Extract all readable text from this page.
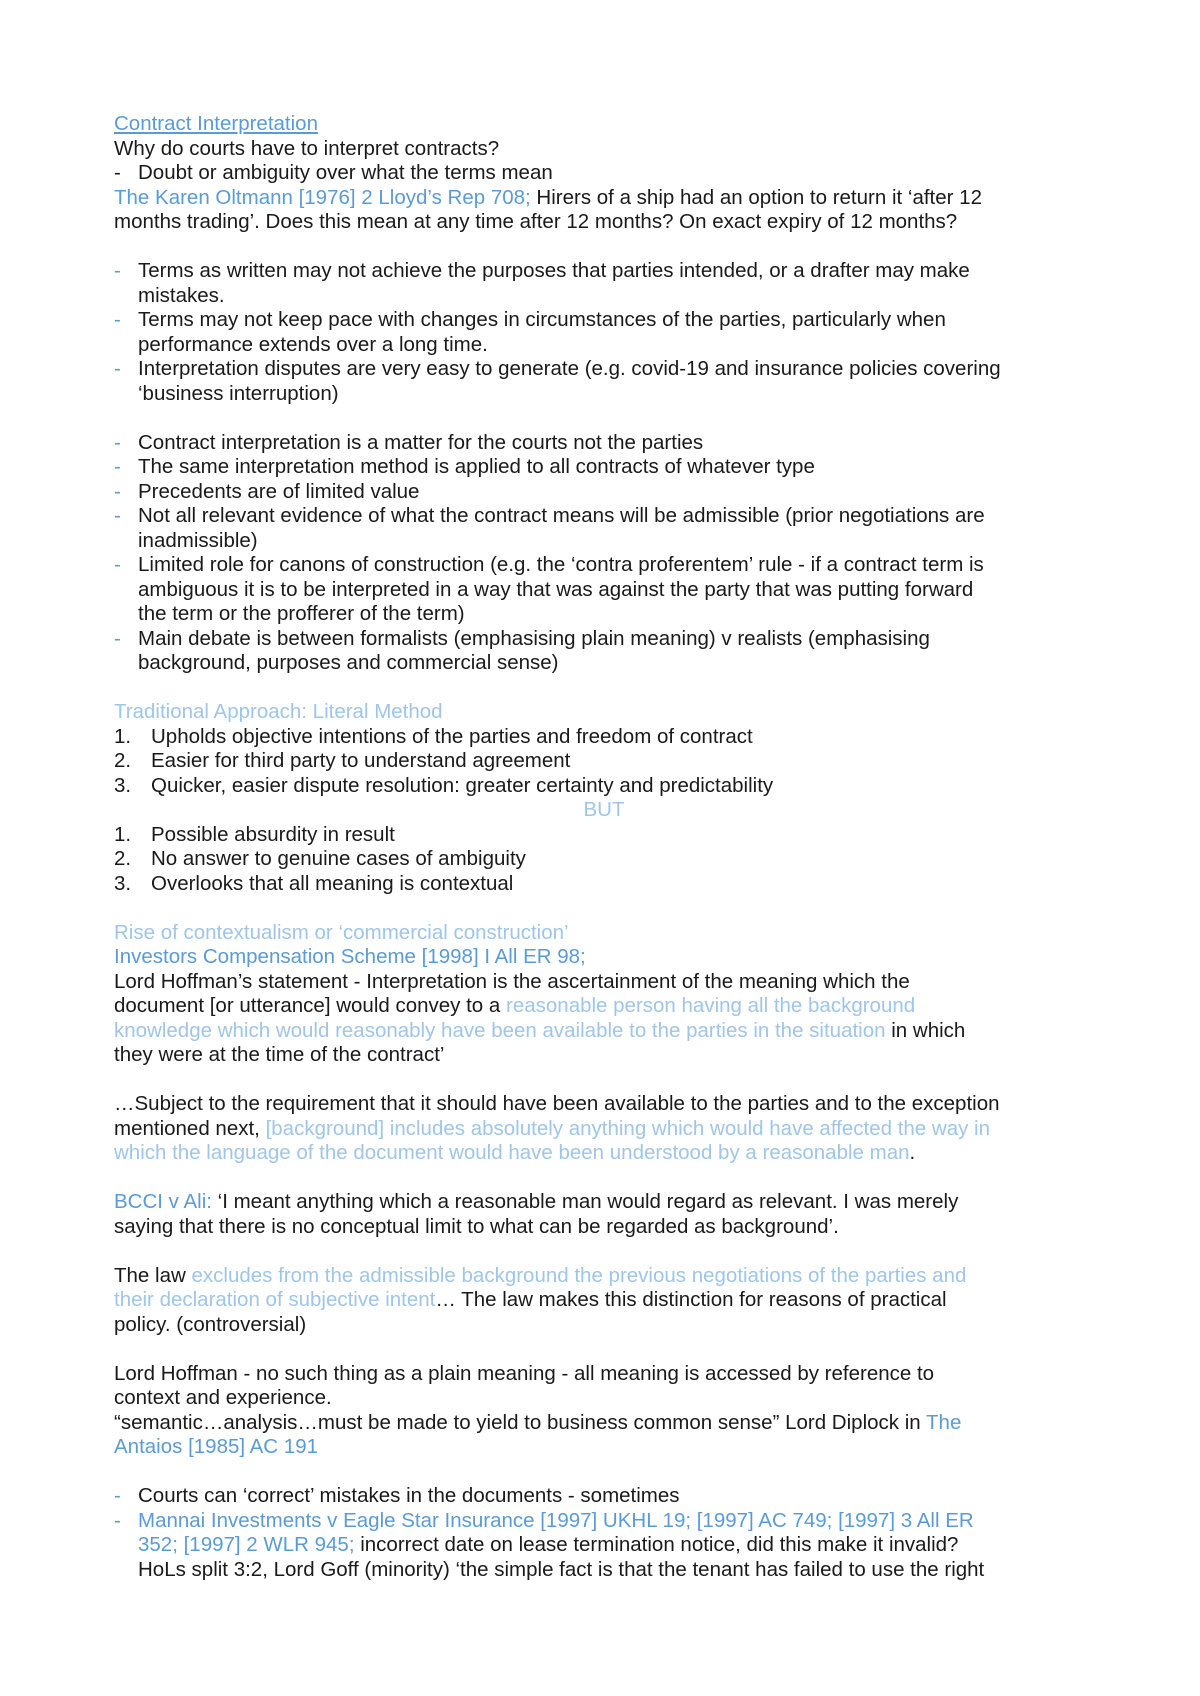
Contract Interpretation
Why do courts have to interpret contracts?
- Doubt or ambiguity over what the terms mean
The Karen Oltmann [1976] 2 Lloyd’s Rep 708; Hirers of a ship had an option to return it ‘after 12
months trading’. Does this mean at any time after 12 months? On exact expiry of 12 months?
- Terms as written may not achieve the purposes that parties intended, or a drafter may make
mistakes.
- Terms may not keep pace with changes in circumstances of the parties, particularly when
performance extends over a long time.
- Interpretation disputes are very easy to generate (e.g. covid-19 and insurance policies covering
‘business interruption)
- Contract interpretation is a matter for the courts not the parties
- The same interpretation method is applied to all contracts of whatever type
- Precedents are of limited value
- Not all relevant evidence of what the contract means will be admissible (prior negotiations are
inadmissible)
- Limited role for canons of construction (e.g. the ‘contra proferentem’ rule - if a contract term is
ambiguous it is to be interpreted in a way that was against the party that was putting forward
the term or the profferer of the term)
- Main debate is between formalists (emphasising plain meaning) v realists (emphasising
background, purposes and commercial sense)
Traditional Approach: Literal Method
1. Upholds objective intentions of the parties and freedom of contract
2. Easier for third party to understand agreement
3. Quicker, easier dispute resolution: greater certainty and predictability
BUT
1. Possible absurdity in result
2. No answer to genuine cases of ambiguity
3. Overlooks that all meaning is contextual
Rise of contextualism or ‘commercial construction’
Investors Compensation Scheme [1998] I All ER 98;
Lord Hoffman’s statement - Interpretation is the ascertainment of the meaning which the
document [or utterance] would convey to a reasonable person having all the background
knowledge which would reasonably have been available to the parties in the situation in which
they were at the time of the contract’
…Subject to the requirement that it should have been available to the parties and to the exception
mentioned next, [background] includes absolutely anything which would have affected the way in
which the language of the document would have been understood by a reasonable man.
BCCI v Ali: ‘I meant anything which a reasonable man would regard as relevant. I was merely
saying that there is no conceptual limit to what can be regarded as background’.
The law excludes from the admissible background the previous negotiations of the parties and
their declaration of subjective intent… The law makes this distinction for reasons of practical
policy. (controversial)
Lord Hoffman - no such thing as a plain meaning - all meaning is accessed by reference to
context and experience.
“semantic…analysis…must be made to yield to business common sense” Lord Diplock in The
Antaios [1985] AC 191
- Courts can ‘correct’ mistakes in the documents - sometimes
- Mannai Investments v Eagle Star Insurance [1997] UKHL 19; [1997] AC 749; [1997] 3 All ER
352; [1997] 2 WLR 945; incorrect date on lease termination notice, did this make it invalid?
HoLs split 3:2, Lord Goff (minority) ‘the simple fact is that the tenant has failed to use the right
